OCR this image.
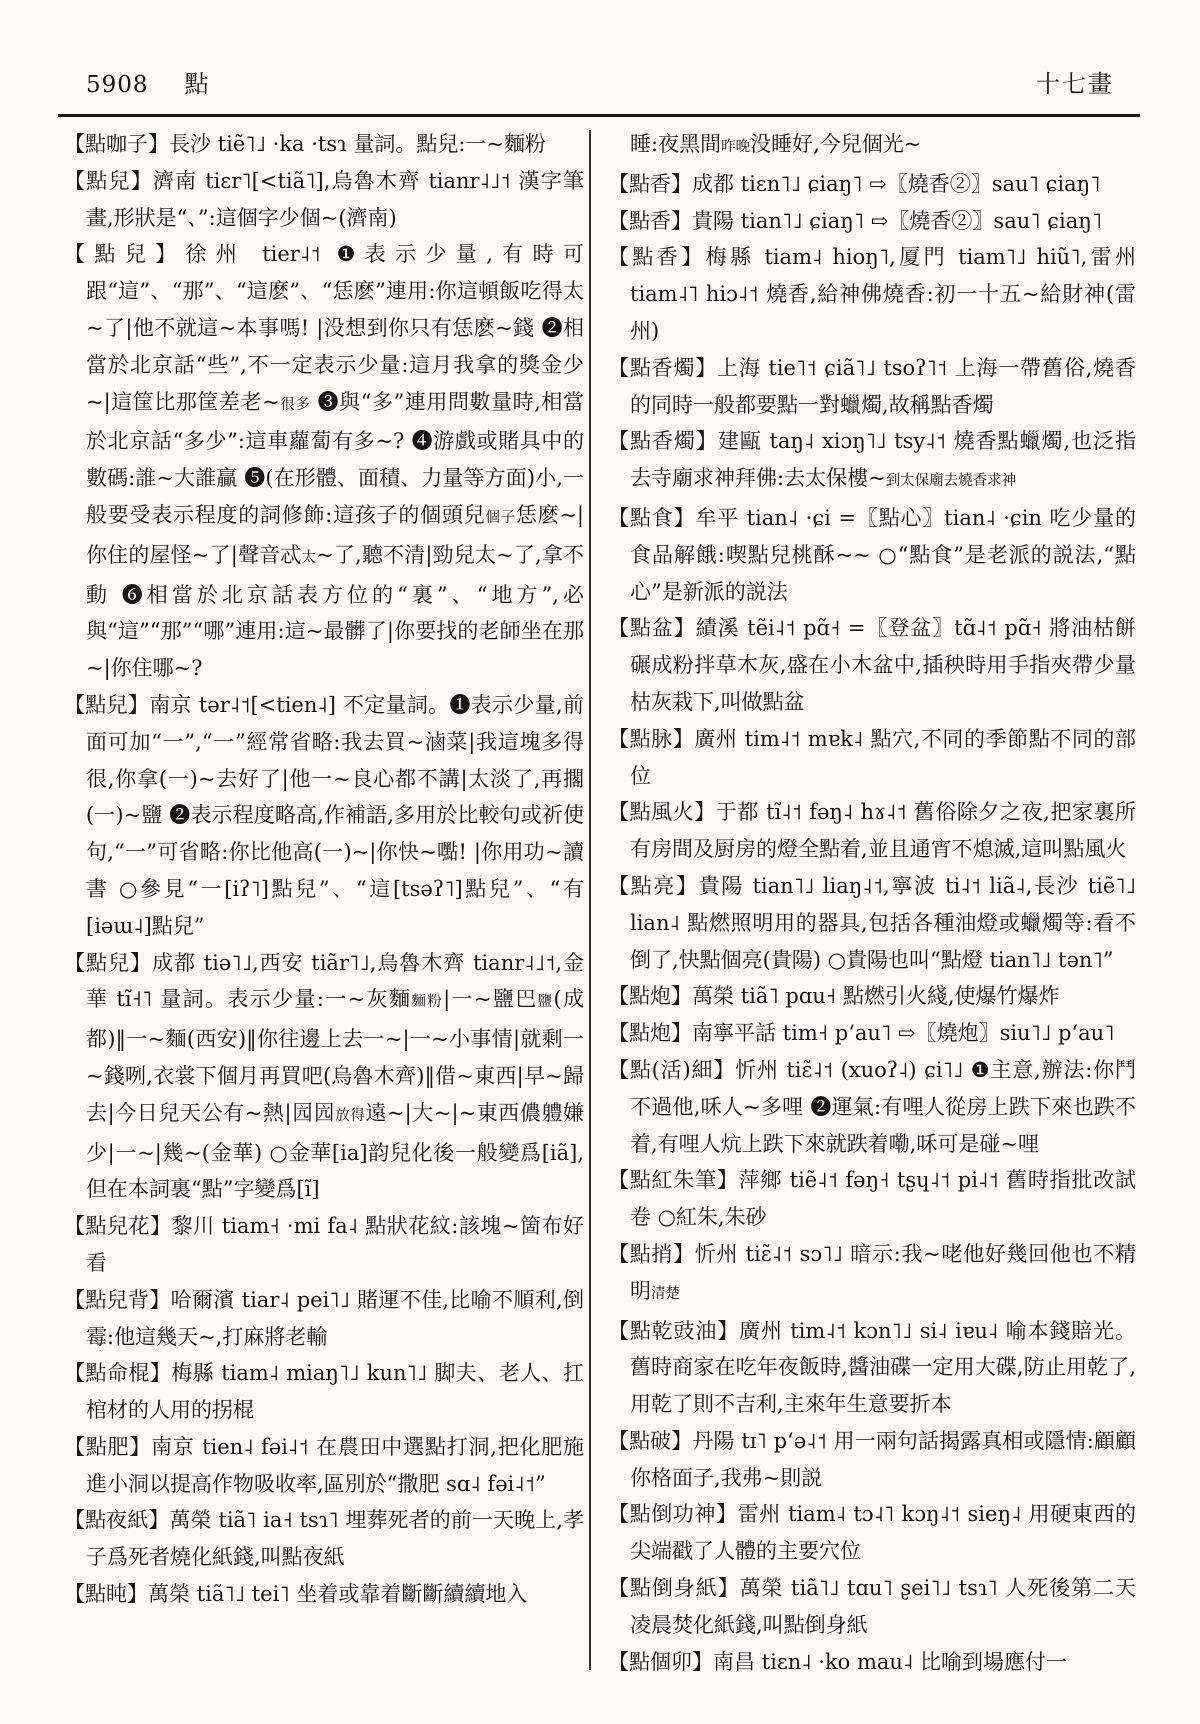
5908 點	十七畫
【點咖子】長沙 tiẽ˥˩ ·ka ·tsɿ 量詞。點兒:一~麵粉
【點兒】濟南 tiɛr˥[<tiã˥],烏魯木齊 tianr˨˩˦ 漢字筆畫,形狀是“、”:這個字少個~(濟南)
【點兒】徐州 tier˨˦ ❶表示少量,有時可跟“這”、“那”、“這麽”、“恁麽”連用:你這頓飯吃得太~了|他不就這~本事嗎! |没想到你只有恁麽~錢 ❷相當於北京話“些”,不一定表示少量:這月我拿的獎金少~|這筐比那筐差老~很多 ❸與“多”連用問數量時,相當於北京話“多少”:這車蘿蔔有多~? ❹游戲或賭具中的數碼:誰~大誰贏 ❺(在形體、面積、力量等方面)小,一般要受表示程度的詞修飾:這孩子的個頭兒個子恁麽~|你住的屋怪~了|聲音忒太~了,聽不清|勁兒太~了,拿不動 ❻相當於北京話表方位的“裏”、“地方”,必與“這”“那”“哪”連用:這~最髒了|你要找的老師坐在那~|你住哪~?
【點兒】南京 tər˨˦[<tien˨] 不定量詞。❶表示少量,前面可加“一”,“一”經常省略:我去買~滷菜|我這塊多得很,你拿(一)~去好了|他一~良心都不講|太淡了,再擱(一)~鹽 ❷表示程度略高,作補語,多用於比較句或祈使句,“一”可省略:你比他高(一)~|你快~嚸! |你用功~讀書 ○參見“一[iʔ˥]點兒”、“這[tsəʔ˥]點兒”、“有[iəɯ˨]點兒”
【點兒】成都 tiə˥˩,西安 tiãr˥˩,烏魯木齊 tianr˨˩˦,金華 tĩ˧˥ 量詞。表示少量:一~灰麵麵粉|一~鹽巴鹽(成都)‖一~麵(西安)‖你往邊上去一~|一~小事情|就剩一~錢咧,衣裳下個月再買吧(烏魯木齊)‖借~東西|早~歸去|今日兒天公有~熱|囥囥放得遠~|大~|~東西儂軆嫌少|一~|幾~(金華) ○金華[ia]韵兒化後一般變爲[iã],但在本詞裏“點”字變爲[ĩ]
【點兒花】黎川 tiam˧ ·mi fa˨ 點狀花紋:該塊~箇布好看
【點兒背】哈爾濱 tiar˨ pei˥˩ 賭運不佳,比喻不順利,倒霉:他這幾天~,打麻將老輸
【點命棍】梅縣 tiam˨ miaŋ˥˩ kun˥˩ 脚夫、老人、扛棺材的人用的拐棍
【點肥】南京 tien˨ fəi˨˦ 在農田中選點打洞,把化肥施進小洞以提高作物吸收率,區別於“撒肥 sɑ˨ fəi˨˦”
【點夜紙】萬榮 tiã˥ ia˧ tsɿ˥ 埋葬死者的前一天晚上,孝子爲死者燒化紙錢,叫點夜紙
【點盹】萬榮 tiã˥˩ tei˥ 坐着或靠着斷斷續續地入
睡:夜黑間昨晚没睡好,今兒個光~
【點香】成都 tiɛn˥˩ ɕiaŋ˥ ⇨〖燒香②〗sau˥ ɕiaŋ˥
【點香】貴陽 tian˥˩ ɕiaŋ˥ ⇨〖燒香②〗sau˥ ɕiaŋ˥
【點香】梅縣 tiam˨ hioŋ˥,厦門 tiam˥˩ hiũ˥,雷州 tiam˨˥ hiɔ˨˦ 燒香,給神佛燒香:初一十五~給財神(雷州)
【點香燭】上海 tie˥˦ ɕiã˥˩ tsoʔ˥˦ 上海一帶舊俗,燒香的同時一般都要點一對蠟燭,故稱點香燭
【點香燭】建甌 taŋ˨ xiɔŋ˥˩ tsy˨˦ 燒香點蠟燭,也泛指去寺廟求神拜佛:去太保樓~到太保廟去燒香求神
【點食】牟平 tian˨ ·ɕi =〖點心〗tian˨ ·ɕin 吃少量的食品解餓:喫點兒桃酥~~ ○“點食”是老派的説法,“點心”是新派的説法
【點盆】績溪 tẽi˨˦ pɑ̃˧ =〖登盆〗tɑ̃˨˦ pɑ̃˧ 將油枯餅碾成粉拌草木灰,盛在小木盆中,插秧時用手指夾帶少量枯灰栽下,叫做點盆
【點脉】廣州 tim˨˦ mɐk˨ 點穴,不同的季節點不同的部位
【點風火】于都 tĩ˨˦ fəŋ˨ hɤ˨˦ 舊俗除夕之夜,把家裏所有房間及厨房的燈全點着,並且通宵不熄滅,這叫點風火
【點亮】貴陽 tian˥˩ liaŋ˨˦,寧波 ti˨˦ liã˨,長沙 tiẽ˥˩ lian˨ 點燃照明用的器具,包括各種油燈或蠟燭等:看不倒了,快點個亮(貴陽) ○貴陽也叫“點燈 tian˥˩ tən˥”
【點炮】萬榮 tiã˥ pɑu˧ 點燃引火綫,使爆竹爆炸
【點炮】南寧平話 tim˧ pʻau˥ ⇨〖燒炮〗siu˥˩ pʻau˥
【點(活)細】忻州 tiɛ̃˨˦ (xuoʔ˨) ɕi˥˩ ❶主意,辦法:你鬥不過他,咊人~多哩 ❷運氣:有哩人從房上跌下來也跌不着,有哩人炕上跌下來就跌着嘞,咊可是碰~哩
【點紅朱筆】萍鄉 tiẽ˨˦ fəŋ˧ tʂɥ˨˦ pi˨˦ 舊時指批改試卷 ○紅朱,朱砂
【點捎】忻州 tiɛ̃˨˦ sɔ˥˩ 暗示:我~咾他好幾回他也不精明清楚
【點乾豉油】廣州 tim˨˦ kɔn˥˩ si˨ iɐu˨ 喻本錢賠光。舊時商家在吃年夜飯時,醬油碟一定用大碟,防止用乾了,用乾了則不吉利,主來年生意要折本
【點破】丹陽 tɪ˥ pʻə˨˦ 用一兩句話揭露真相或隱情:顧顧你格面子,我弗~則説
【點倒功神】雷州 tiam˨ tɔ˨˥ kɔŋ˨˦ sieŋ˨ 用硬東西的尖端戳了人體的主要穴位
【點倒身紙】萬榮 tiã˥˩ tɑu˥ ʂei˥˩ tsɿ˥ 人死後第二天凌晨焚化紙錢,叫點倒身紙
【點個卯】南昌 tiɛn˨ ·ko mau˨ 比喻到場應付一
